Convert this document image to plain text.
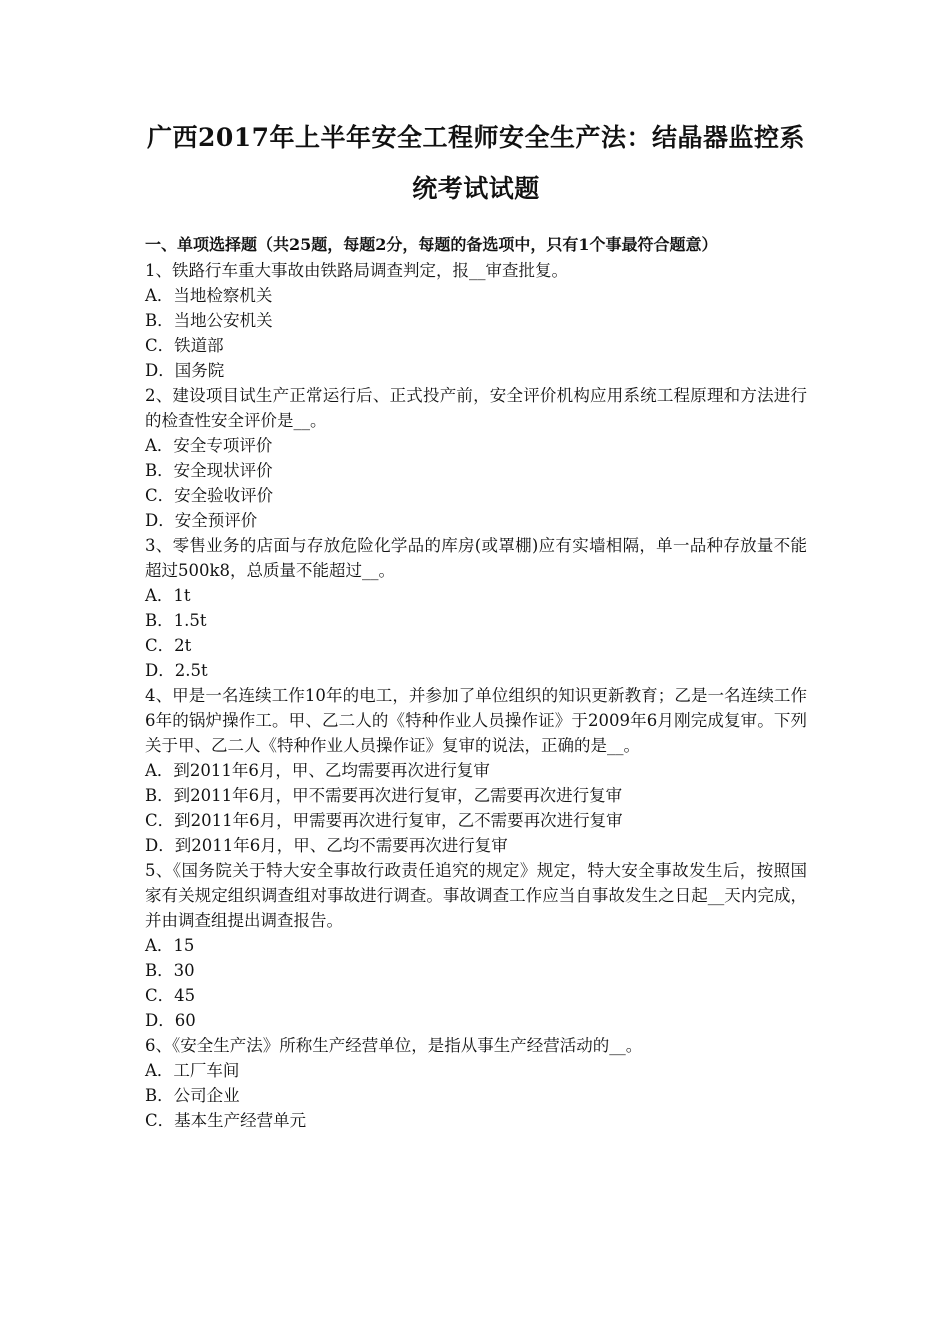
广西2017年上半年安全工程师安全生产法：结晶器监控系统考试试题
一、单项选择题（共25题，每题2分，每题的备选项中，只有1个事最符合题意）

1、铁路行车重大事故由铁路局调查判定，报__审查批复。

A．当地检察机关

B．当地公安机关

C．铁道部

D．国务院

2、建设项目试生产正常运行后、正式投产前，安全评价机构应用系统工程原理和方法进行的检查性安全评价是__。

A．安全专项评价

B．安全现状评价

C．安全验收评价

D．安全预评价

3、零售业务的店面与存放危险化学品的库房(或罩棚)应有实墙相隔，单一品种存放量不能超过500k8，总质量不能超过__。

A．1t

B．1.5t

C．2t

D．2.5t

4、甲是一名连续工作10年的电工，并参加了单位组织的知识更新教育；乙是一名连续工作6年的锅炉操作工。甲、乙二人的《特种作业人员操作证》于2009年6月刚完成复审。下列关于甲、乙二人《特种作业人员操作证》复审的说法，正确的是__。

A．到2011年6月，甲、乙均需要再次进行复审

B．到2011年6月，甲不需要再次进行复审，乙需要再次进行复审

C．到2011年6月，甲需要再次进行复审，乙不需要再次进行复审

D．到2011年6月，甲、乙均不需要再次进行复审

5、《国务院关于特大安全事故行政责任追究的规定》规定，特大安全事故发生后，按照国家有关规定组织调查组对事故进行调查。事故调查工作应当自事故发生之日起__天内完成，并由调查组提出调查报告。

A．15

B．30

C．45

D．60

6、《安全生产法》所称生产经营单位，是指从事生产经营活动的__。

A．工厂车间

B．公司企业

C．基本生产经营单元
